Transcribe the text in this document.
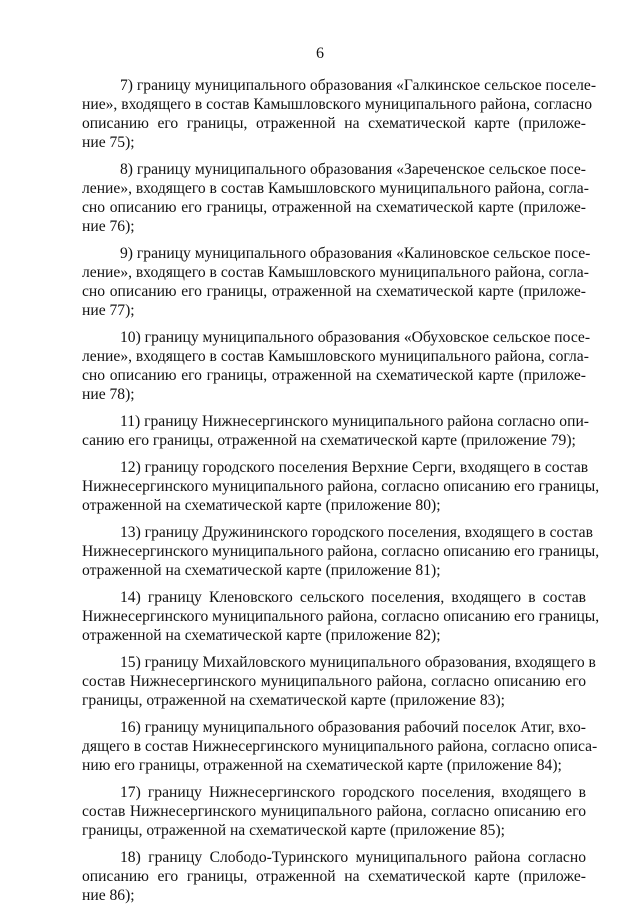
6
7) границу муниципального образования «Галкинское сельское поселе-
ние», входящего в состав Камышловского муниципального района, согласно
описанию его границы, отраженной на схематической карте (приложе-
ние 75);
8) границу муниципального образования «Зареченское сельское посе-
ление», входящего в состав Камышловского муниципального района, согла-
сно описанию его границы, отраженной на схематической карте (приложе-
ние 76);
9) границу муниципального образования «Калиновское сельское посе-
ление», входящего в состав Камышловского муниципального района, согла-
сно описанию его границы, отраженной на схематической карте (приложе-
ние 77);
10) границу муниципального образования «Обуховское сельское посе-
ление», входящего в состав Камышловского муниципального района, согла-
сно описанию его границы, отраженной на схематической карте (приложе-
ние 78);
11) границу Нижнесергинского муниципального района согласно опи-
санию его границы, отраженной на схематической карте (приложение 79);
12) границу городского поселения Верхние Серги, входящего в состав
Нижнесергинского муниципального района, согласно описанию его границы,
отраженной на схематической карте (приложение 80);
13) границу Дружининского городского поселения, входящего в состав
Нижнесергинского муниципального района, согласно описанию его границы,
отраженной на схематической карте (приложение 81);
14) границу Кленовского сельского поселения, входящего в состав
Нижнесергинского муниципального района, согласно описанию его границы,
отраженной на схематической карте (приложение 82);
15) границу Михайловского муниципального образования, входящего в
состав Нижнесергинского муниципального района, согласно описанию его
границы, отраженной на схематической карте (приложение 83);
16) границу муниципального образования рабочий поселок Атиг, вхо-
дящего в состав Нижнесергинского муниципального района, согласно описа-
нию его границы, отраженной на схематической карте (приложение 84);
17) границу Нижнесергинского городского поселения, входящего в
состав Нижнесергинского муниципального района, согласно описанию его
границы, отраженной на схематической карте (приложение 85);
18) границу Слободо-Туринского муниципального района согласно
описанию его границы, отраженной на схематической карте (приложе-
ние 86);
